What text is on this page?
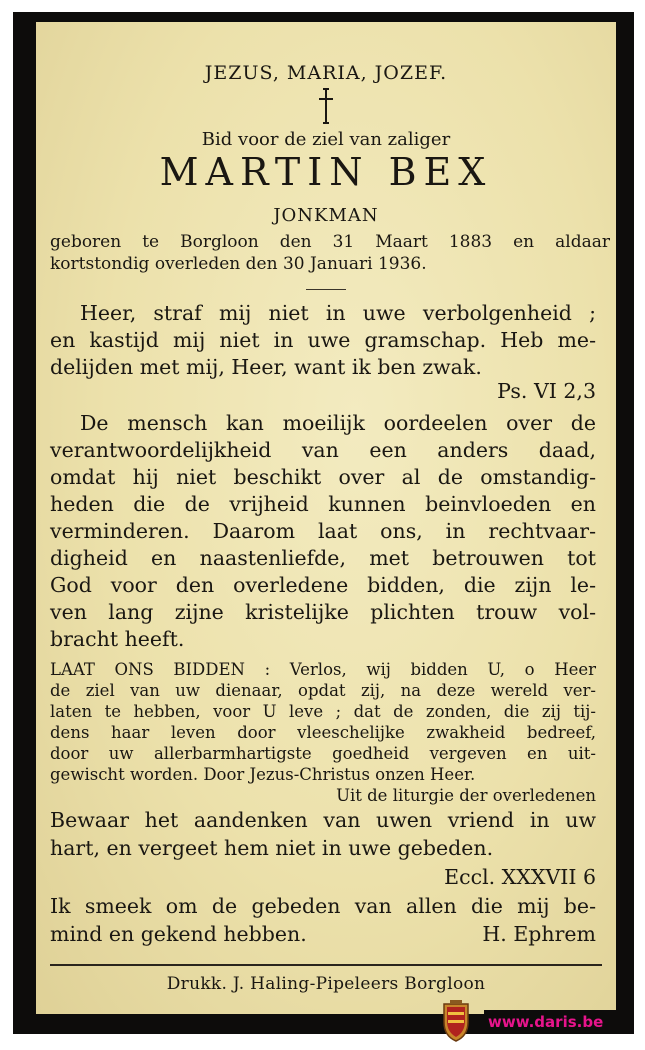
JEZUS, MARIA, JOZEF.
Bid voor de ziel van zaliger
MARTIN BEX
JONKMAN
geboren te Borgloon den 31 Maart 1883 en aldaar
kortstondig overleden den 30 Januari 1936.
Heer, straf mij niet in uwe verbolgenheid ;
en kastijd mij niet in uwe gramschap. Heb me-
delijden met mij, Heer, want ik ben zwak.
Ps. VI 2,3
De mensch kan moeilijk oordeelen over de
verantwoordelijkheid van een anders daad,
omdat hij niet beschikt over al de omstandig-
heden die de vrijheid kunnen beinvloeden en
verminderen. Daarom laat ons, in rechtvaar-
digheid en naastenliefde, met betrouwen tot
God voor den overledene bidden, die zijn le-
ven lang zijne kristelijke plichten trouw vol-
bracht heeft.
LAAT ONS BIDDEN : Verlos, wij bidden U, o Heer
de ziel van uw dienaar, opdat zij, na deze wereld ver-
laten te hebben, voor U leve ; dat de zonden, die zij tij-
dens haar leven door vleeschelijke zwakheid bedreef,
door uw allerbarmhartigste goedheid vergeven en uit-
gewischt worden. Door Jezus-Christus onzen Heer.
Uit de liturgie der overledenen
Bewaar het aandenken van uwen vriend in uw
hart, en vergeet hem niet in uwe gebeden.
Eccl. XXXVII 6
Ik smeek om de gebeden van allen die mij be-
mind en gekend hebben.	H. Ephrem
Drukk. J. Haling-Pipeleers Borgloon
www.daris.be
